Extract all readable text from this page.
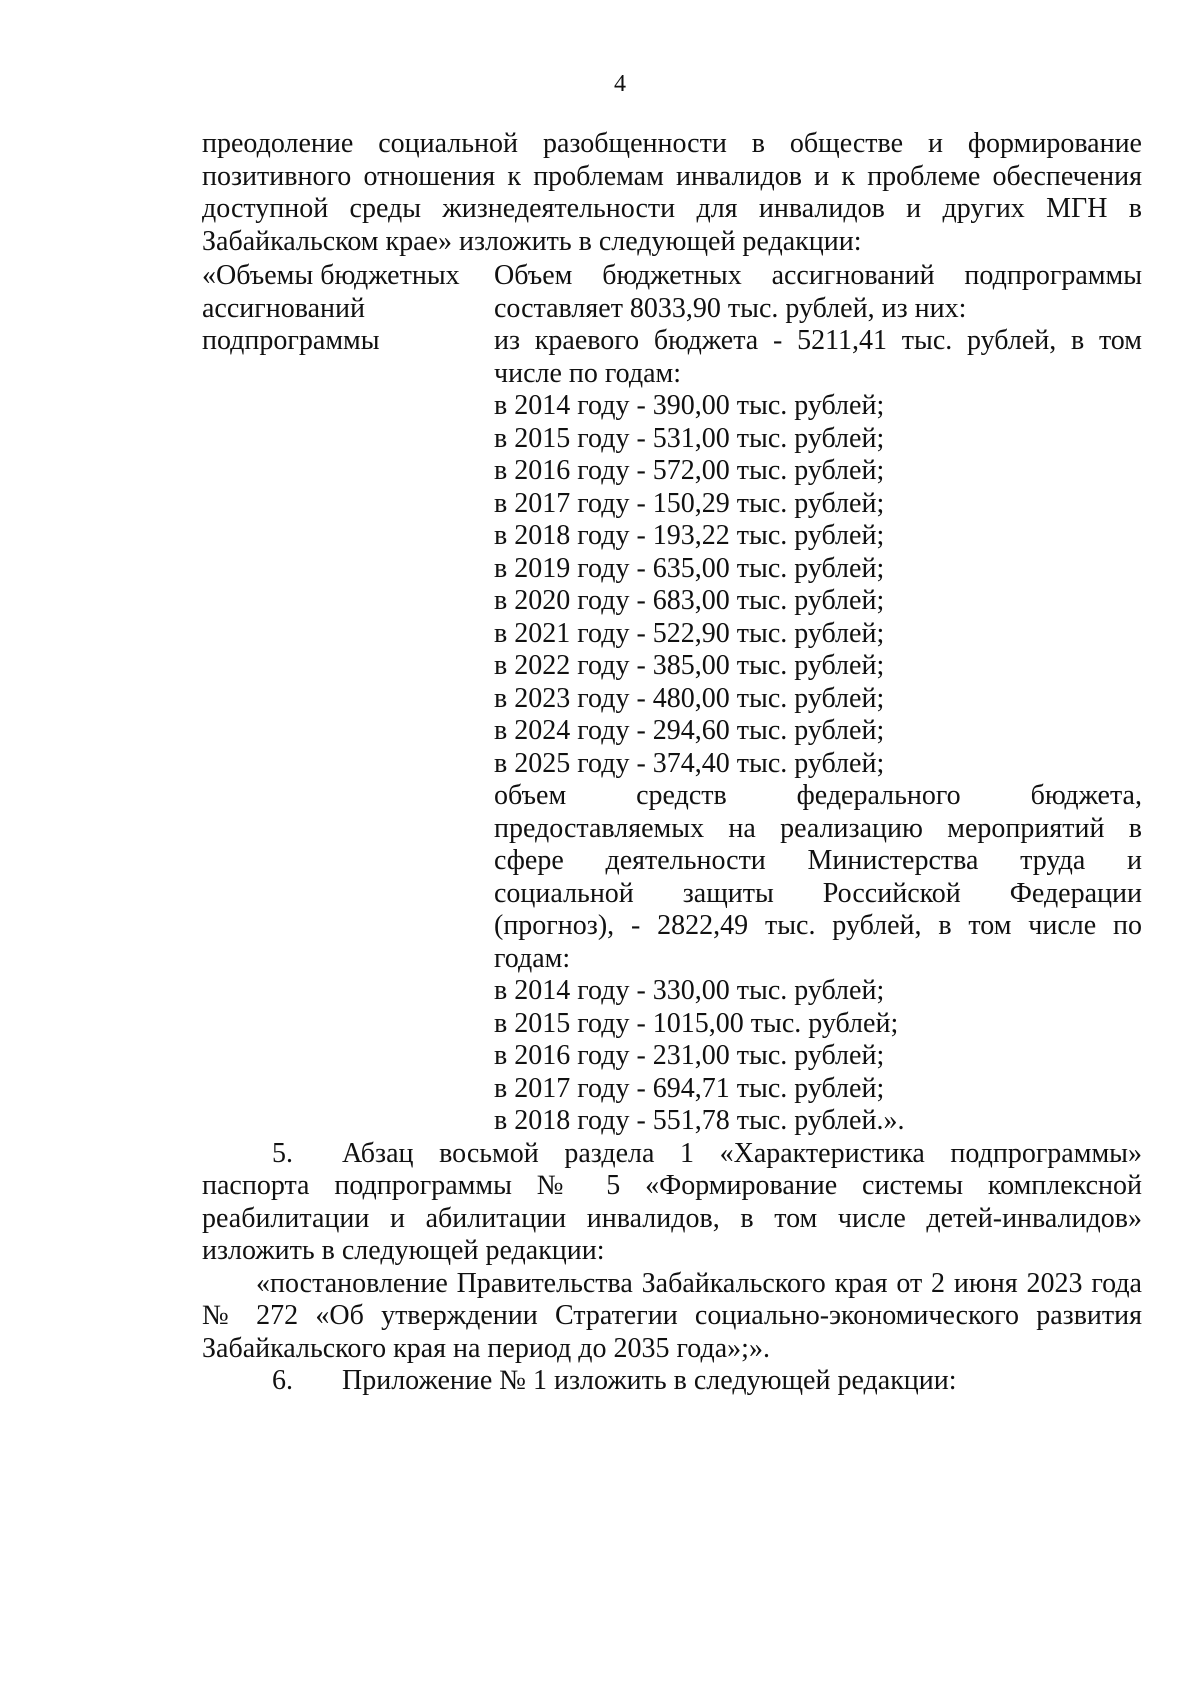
4
преодоление социальной разобщенности в обществе и формирование
позитивного отношения к проблемам инвалидов и к проблеме обеспечения
доступной среды жизнедеятельности для инвалидов и других МГН в
Забайкальском крае» изложить в следующей редакции:
«Объемы бюджетных
ассигнований
подпрограммы
Объем бюджетных ассигнований подпрограммы
составляет 8033,90 тыс. рублей, из них:
из краевого бюджета - 5211,41 тыс. рублей, в том
числе по годам:
в 2014 году - 390,00 тыс. рублей;
в 2015 году - 531,00 тыс. рублей;
в 2016 году - 572,00 тыс. рублей;
в 2017 году - 150,29 тыс. рублей;
в 2018 году - 193,22 тыс. рублей;
в 2019 году - 635,00 тыс. рублей;
в 2020 году - 683,00 тыс. рублей;
в 2021 году - 522,90 тыс. рублей;
в 2022 году - 385,00 тыс. рублей;
в 2023 году - 480,00 тыс. рублей;
в 2024 году - 294,60 тыс. рублей;
в 2025 году - 374,40 тыс. рублей;
объем средств федерального бюджета,
предоставляемых на реализацию мероприятий в
сфере деятельности Министерства труда и
социальной защиты Российской Федерации
(прогноз), - 2822,49 тыс. рублей, в том числе по
годам:
в 2014 году - 330,00 тыс. рублей;
в 2015 году - 1015,00 тыс. рублей;
в 2016 году - 231,00 тыс. рублей;
в 2017 году - 694,71 тыс. рублей;
в 2018 году - 551,78 тыс. рублей.».
5.	Абзац восьмой раздела 1 «Характеристика подпрограммы»
паспорта подпрограммы № 5 «Формирование системы комплексной
реабилитации и абилитации инвалидов, в том числе детей-инвалидов»
изложить в следующей редакции:
«постановление Правительства Забайкальского края от 2 июня 2023 года
№ 272 «Об утверждении Стратегии социально-экономического развития
Забайкальского края на период до 2035 года»;».
6.	Приложение № 1 изложить в следующей редакции:
